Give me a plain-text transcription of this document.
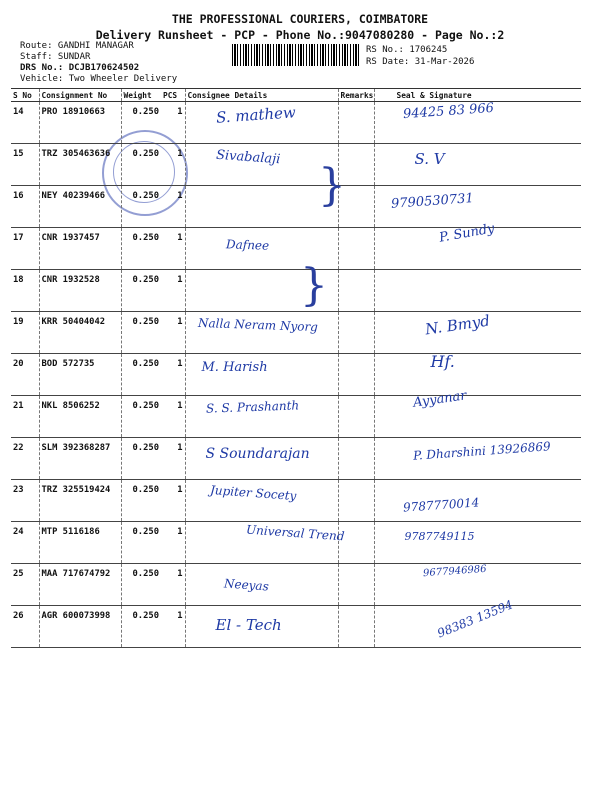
THE PROFESSIONAL COURIERS, COIMBATORE
Delivery Runsheet - PCP - Phone No.:9047080280 - Page No.:2
Route: GANDHI MANAGAR
Staff: SUNDAR
DRS No.: DCJB170624502
Vehicle: Two Wheeler Delivery
RS No.: 1706245
RS Date: 31-Mar-2026
S No	Consignment No	Weight	PCS	Consignee Details	Remarks	Seal & Signature
14	PRO 18910663	0.250	1	S. mathew		94425 83 966

15	TRZ 305463636	0.250	1	Sivabalaji		S. V

16	NEY 40239466	0.250	1			9790530731

17	CNR 1937457	0.250	1	Dafnee		P. Sundy

18	CNR 1932528	0.250	1	

19	KRR 50404042	0.250	1	Nalla Neram Nyorg		N. Bmyd

20	BOD 572735	0.250	1	M. Harish		Hf.

21	NKL 8506252	0.250	1	S. S. Prashanth		Ayyanar

22	SLM 392368287	0.250	1	S Soundarajan		P. Dharshini 13926869

23	TRZ 325519424	0.250	1	Jupiter Socety		9787770014

24	MTP 5116186	0.250	1	Universal Trend		9787749115

25	MAA 717674792	0.250	1	Neeyas		9677946986

26	AGR 600073998	0.250	1	El - Tech		98383 13594
}
}
